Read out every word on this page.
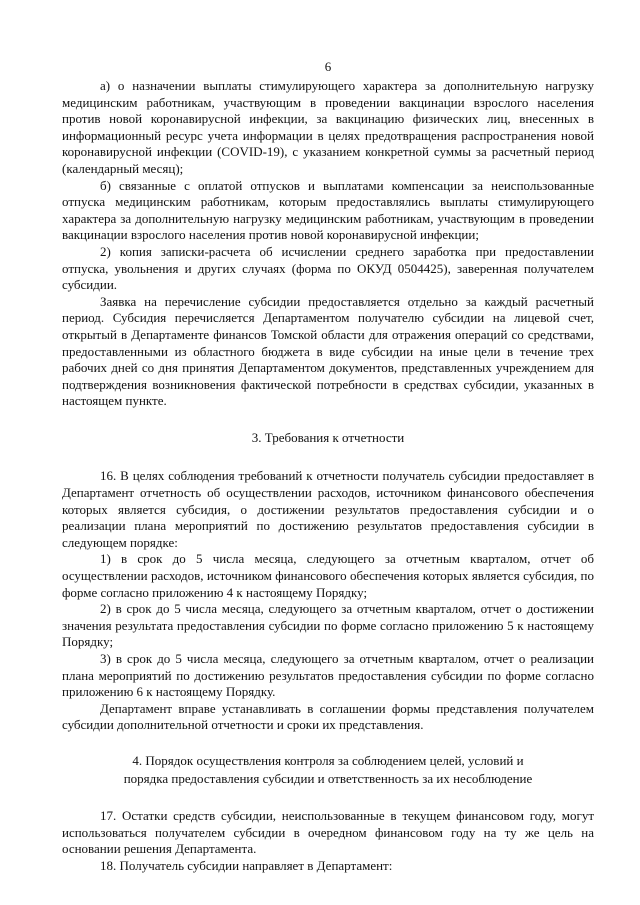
6

а) о назначении выплаты стимулирующего характера за дополнительную нагрузку медицинским работникам, участвующим в проведении вакцинации взрослого населения против новой коронавирусной инфекции, за вакцинацию физических лиц, внесенных в информационный ресурс учета информации в целях предотвращения распространения новой коронавирусной инфекции (COVID-19), с указанием конкретной суммы за расчетный период (календарный месяц);

б) связанные с оплатой отпусков и выплатами компенсации за неиспользованные отпуска медицинским работникам, которым предоставлялись выплаты стимулирующего характера за дополнительную нагрузку медицинским работникам, участвующим в проведении вакцинации взрослого населения против новой коронавирусной инфекции;

2) копия записки-расчета об исчислении среднего заработка при предоставлении отпуска, увольнения и других случаях (форма по ОКУД 0504425), заверенная получателем субсидии.

Заявка на перечисление субсидии предоставляется отдельно за каждый расчетный период. Субсидия перечисляется Департаментом получателю субсидии на лицевой счет, открытый в Департаменте финансов Томской области для отражения операций со средствами, предоставленными из областного бюджета в виде субсидии на иные цели в течение трех рабочих дней со дня принятия Департаментом документов, представленных учреждением для подтверждения возникновения фактической потребности в средствах субсидии, указанных в настоящем пункте.

3. Требования к отчетности

16. В целях соблюдения требований к отчетности получатель субсидии предоставляет в Департамент отчетность об осуществлении расходов, источником финансового обеспечения которых является субсидия, о достижении результатов предоставления субсидии и о реализации плана мероприятий по достижению результатов предоставления субсидии в следующем порядке:

1) в срок до 5 числа месяца, следующего за отчетным кварталом, отчет об осуществлении расходов, источником финансового обеспечения которых является субсидия, по форме согласно приложению 4 к настоящему Порядку;

2) в срок до 5 числа месяца, следующего за отчетным кварталом, отчет о достижении значения результата предоставления субсидии по форме согласно приложению 5 к настоящему Порядку;

3) в срок до 5 числа месяца, следующего за отчетным кварталом, отчет о реализации плана мероприятий по достижению результатов предоставления субсидии по форме согласно приложению 6 к настоящему Порядку.

Департамент вправе устанавливать в соглашении формы представления получателем субсидии дополнительной отчетности и сроки их представления.

4. Порядок осуществления контроля за соблюдением целей, условий и
порядка предоставления субсидии и ответственность за их несоблюдение

17. Остатки средств субсидии, неиспользованные в текущем финансовом году, могут использоваться получателем субсидии в очередном финансовом году на ту же цель на основании решения Департамента.

18. Получатель субсидии направляет в Департамент:
